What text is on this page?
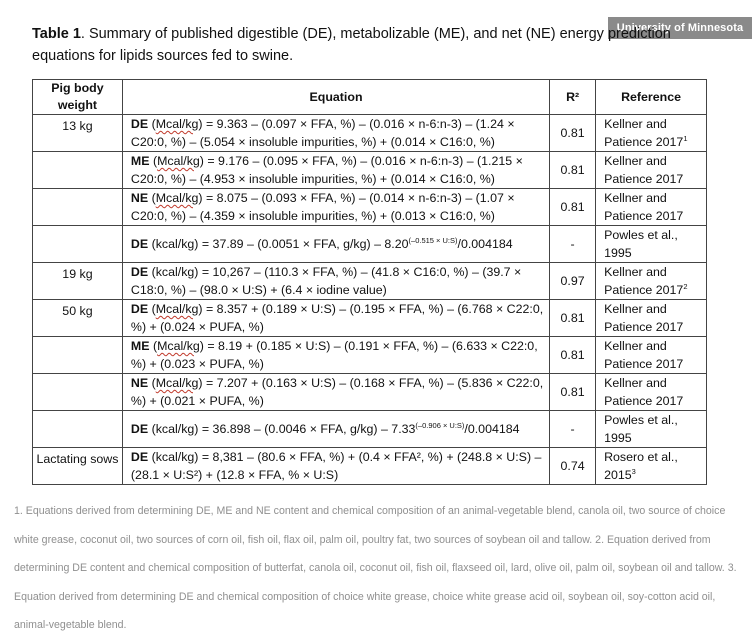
University of Minnesota
Table 1. Summary of published digestible (DE), metabolizable (ME), and net (NE) energy prediction equations for lipids sources fed to swine.
Pig body weight	Equation	R²	Reference
13 kg	DE (Mcal/kg) = 9.363 – (0.097 × FFA, %) – (0.016 × n-6:n-3) – (1.24 × C20:0, %) – (5.054 × insoluble impurities, %) + (0.014 × C16:0, %)	0.81	Kellner and Patience 2017$^1$
	ME (Mcal/kg) = 9.176 – (0.095 × FFA, %) – (0.016 × n-6:n-3) – (1.215 × C20:0, %) – (4.953 × insoluble impurities, %) + (0.014 × C16:0, %)	0.81	Kellner and Patience 2017
	NE (Mcal/kg) = 8.075 – (0.093 × FFA, %) – (0.014 × n-6:n-3) – (1.07 × C20:0, %) – (4.359 × insoluble impurities, %) + (0.013 × C16:0, %)	0.81	Kellner and Patience 2017
	DE (kcal/kg) = 37.89 – (0.0051 × FFA, $g/kg) - 8.20^{(-0.515 \times U:S)}/0.004184$	-	Powles et al., 1995
19 kg	DE (kcal/kg) = 10,267 – (110.3 × FFA, %) – (41.8 × C16:0, %) – (39.7 × C18:0, %) – (98.0 × U:S) + (6.4 × iodine value)	0.97	Kellner and Patience 2017$^2$
50 kg	DE (Mcal/kg) = 8.357 + (0.189 × U:S) – (0.195 × FFA, %) – (6.768 × C22:0, %) + (0.024 × PUFA, %)	0.81	Kellner and Patience 2017
	ME (Mcal/kg) = 8.19 + (0.185 × U:S) – (0.191 × FFA, %) – (6.633 × C22:0, %) + (0.023 × PUFA, %)	0.81	Kellner and Patience 2017
	NE (Mcal/kg) = 7.207 + (0.163 × U:S) – (0.168 × FFA, %) – (5.836 × C22:0, %) + (0.021 × PUFA, %)	0.81	Kellner and Patience 2017
	DE (kcal/kg) = 36.898 – (0.0046 × FFA, $g/kg) - 7.33^{(-0.906 \times U:S)}/0.004184$	-	Powles et al., 1995
Lactating sows	DE (kcal/kg) = 8,381 – (80.6 × FFA, %) + (0.4 × FFA², %) + (248.8 × U:S) – (28.1 × U:S²) + (12.8 × FFA, % × U:S)	0.74	Rosero et al., 2015$^3$
1. Equations derived from determining DE, ME and NE content and chemical composition of an animal-vegetable blend, canola oil, two source of choice white grease, coconut oil, two sources of corn oil, fish oil, flax oil, palm oil, poultry fat, two sources of soybean oil and tallow. 2. Equation derived from determining DE content and chemical composition of butterfat, canola oil, coconut oil, fish oil, flaxseed oil, lard, olive oil, palm oil, soybean oil and tallow. 3. Equation derived from determining DE and chemical composition of choice white grease, choice white grease acid oil, soybean oil, soy-cotton acid oil, animal-vegetable blend.
